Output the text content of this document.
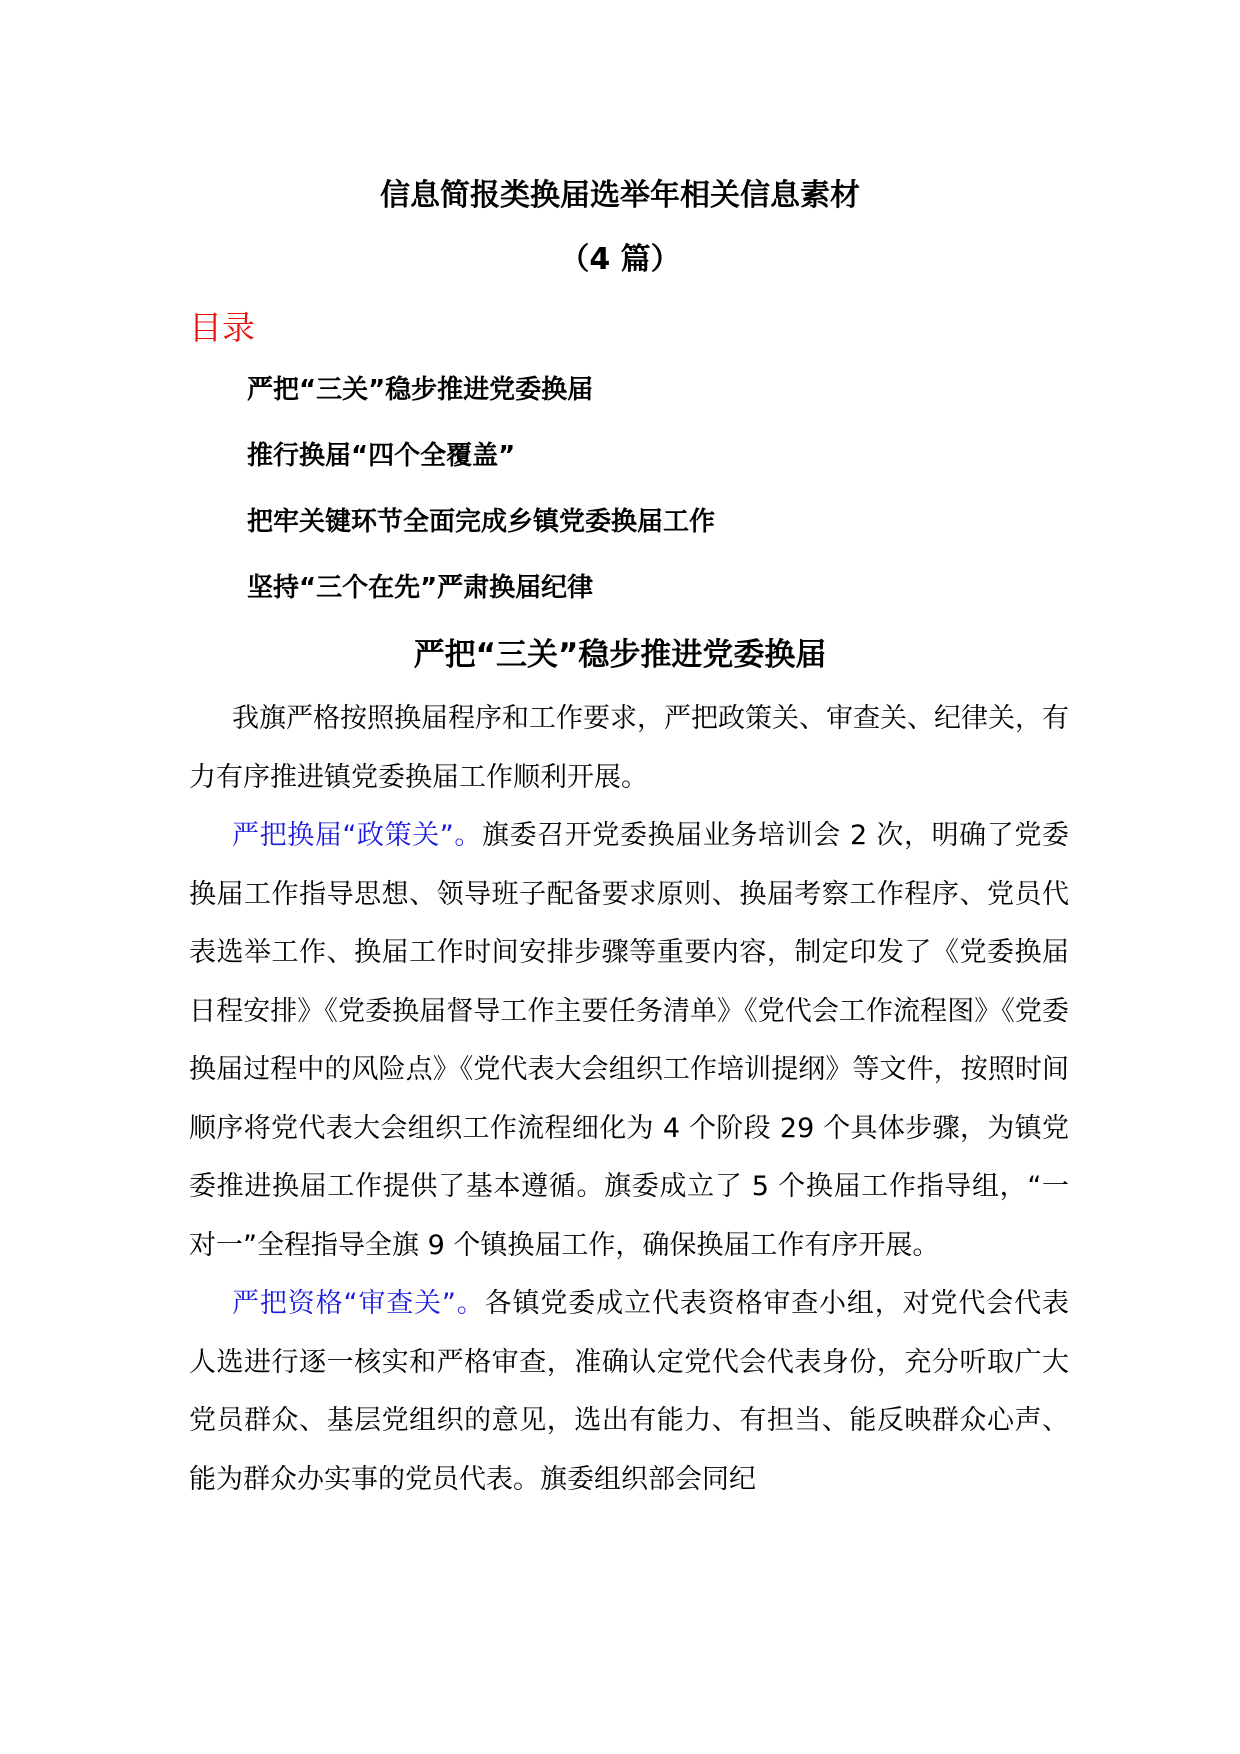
信息简报类换届选举年相关信息素材
（4 篇）
目录
严把“三关”稳步推进党委换届
推行换届“四个全覆盖”
把牢关键环节全面完成乡镇党委换届工作
坚持“三个在先”严肃换届纪律
严把“三关”稳步推进党委换届

我旗严格按照换届程序和工作要求，严把政策关、审查关、纪律关，有力有序推进镇党委换届工作顺利开展。

严把换届“政策关”。旗委召开党委换届业务培训会 2 次，明确了党委换届工作指导思想、领导班子配备要求原则、换届考察工作程序、党员代表选举工作、换届工作时间安排步骤等重要内容，制定印发了《党委换届日程安排》《党委换届督导工作主要任务清单》《党代会工作流程图》《党委换届过程中的风险点》《党代表大会组织工作培训提纲》等文件，按照时间顺序将党代表大会组织工作流程细化为 4 个阶段 29 个具体步骤，为镇党委推进换届工作提供了基本遵循。旗委成立了 5 个换届工作指导组，“一对一”全程指导全旗 9 个镇换届工作，确保换届工作有序开展。

严把资格“审查关”。各镇党委成立代表资格审查小组，对党代会代表人选进行逐一核实和严格审查，准确认定党代会代表身份，充分听取广大党员群众、基层党组织的意见，选出有能力、有担当、能反映群众心声、能为群众办实事的党员代表。旗委组织部会同纪
